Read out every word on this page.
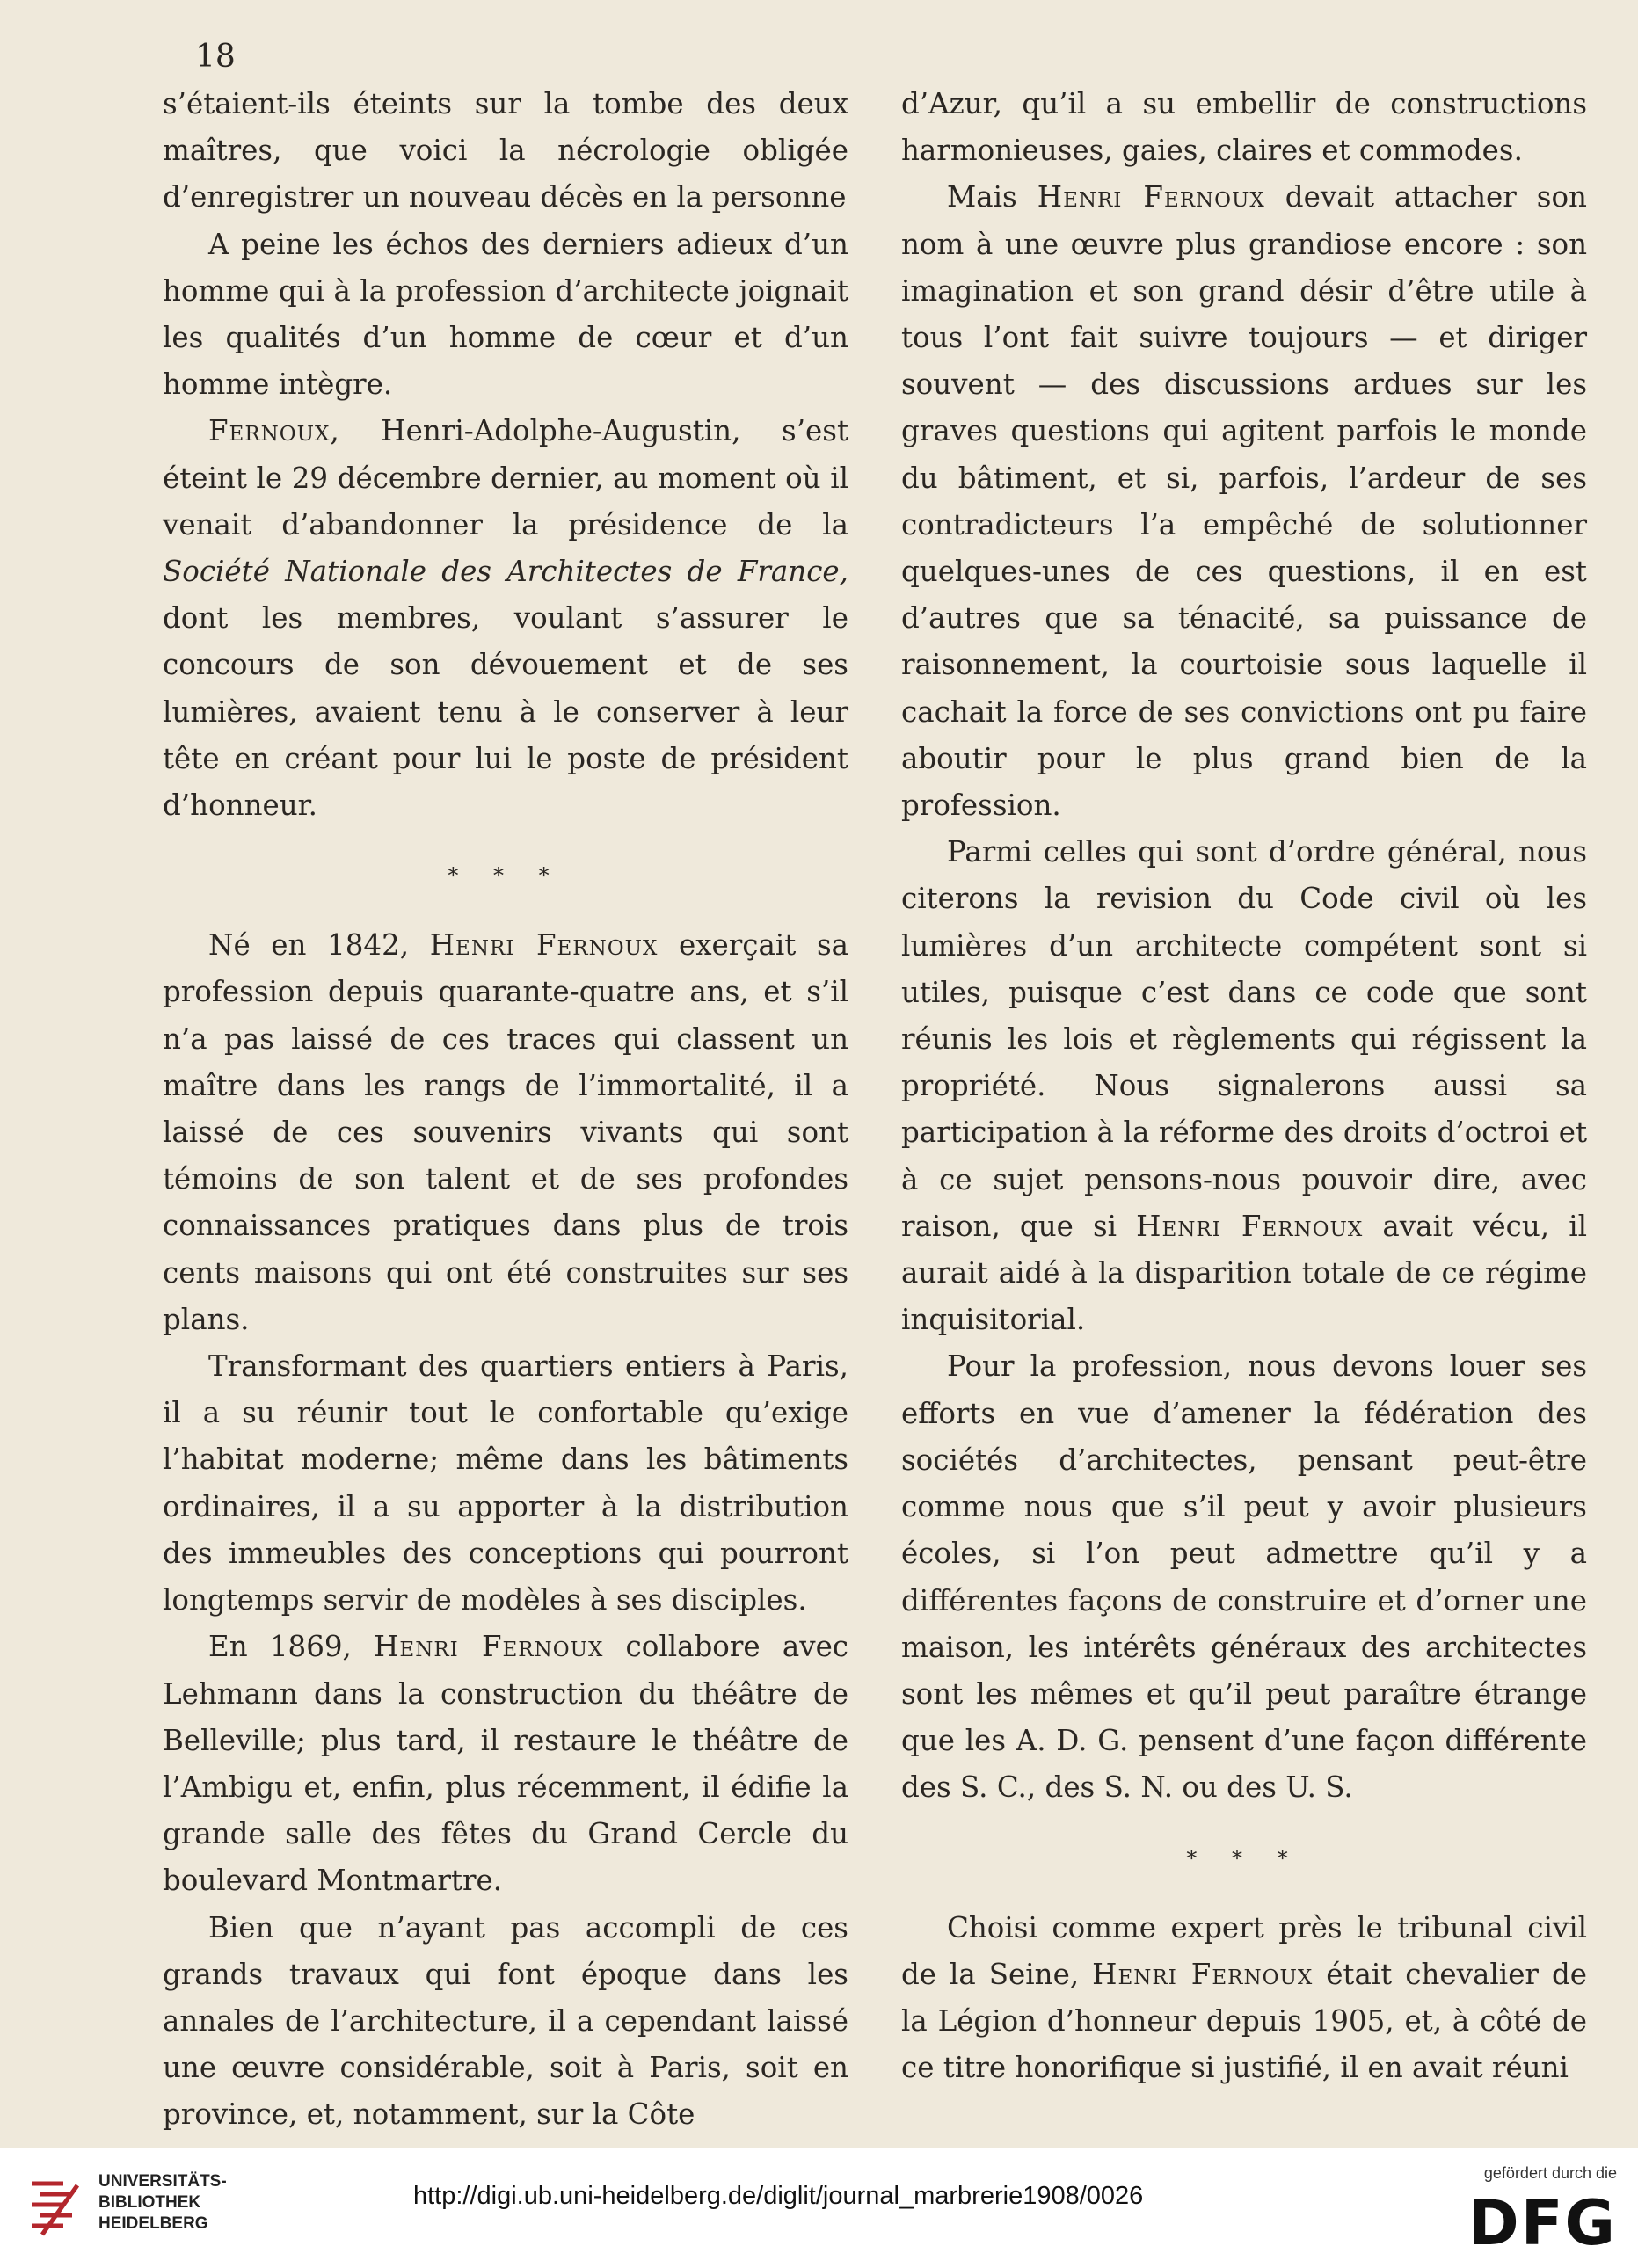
18

s’étaient-ils éteints sur la tombe des deux maîtres, que voici la nécrologie obligée d’enregistrer un nouveau décès en la personne

A peine les échos des derniers adieux d’un homme qui à la profession d’architecte joignait les qualités d’un homme de cœur et d’un homme intègre.

Fernoux, Henri-Adolphe-Augustin, s’est éteint le 29 décembre dernier, au moment où il venait d’abandonner la présidence de la Société Nationale des Architectes de France, dont les membres, voulant s’assurer le concours de son dévouement et de ses lumières, avaient tenu à le conserver à leur tête en créant pour lui le poste de président d’honneur.

* * *

Né en 1842, Henri Fernoux exerçait sa profession depuis quarante-quatre ans, et s’il n’a pas laissé de ces traces qui classent un maître dans les rangs de l’immortalité, il a laissé de ces souvenirs vivants qui sont témoins de son talent et de ses profondes connaissances pratiques dans plus de trois cents maisons qui ont été construites sur ses plans.

Transformant des quartiers entiers à Paris, il a su réunir tout le confortable qu’exige l’habitat moderne; même dans les bâtiments ordinaires, il a su apporter à la distribution des immeubles des conceptions qui pourront longtemps servir de modèles à ses disciples.

En 1869, Henri Fernoux collabore avec Lehmann dans la construction du théâtre de Belleville; plus tard, il restaure le théâtre de l’Ambigu et, enfin, plus récemment, il édifie la grande salle des fêtes du Grand Cercle du boulevard Montmartre.

Bien que n’ayant pas accompli de ces grands travaux qui font époque dans les annales de l’architecture, il a cependant laissé une œuvre considérable, soit à Paris, soit en province, et, notamment, sur la Côte

d’Azur, qu’il a su embellir de constructions harmonieuses, gaies, claires et commodes.

Mais Henri Fernoux devait attacher son nom à une œuvre plus grandiose encore : son imagination et son grand désir d’être utile à tous l’ont fait suivre toujours — et diriger souvent — des discussions ardues sur les graves questions qui agitent parfois le monde du bâtiment, et si, parfois, l’ardeur de ses contradicteurs l’a empêché de solutionner quelques-unes de ces questions, il en est d’autres que sa ténacité, sa puissance de raisonnement, la courtoisie sous laquelle il cachait la force de ses convictions ont pu faire aboutir pour le plus grand bien de la profession.

Parmi celles qui sont d’ordre général, nous citerons la revision du Code civil où les lumières d’un architecte compétent sont si utiles, puisque c’est dans ce code que sont réunis les lois et règlements qui régissent la propriété. Nous signalerons aussi sa participation à la réforme des droits d’octroi et à ce sujet pensons-nous pouvoir dire, avec raison, que si Henri Fernoux avait vécu, il aurait aidé à la disparition totale de ce régime inquisitorial.

Pour la profession, nous devons louer ses efforts en vue d’amener la fédération des sociétés d’architectes, pensant peut-être comme nous que s’il peut y avoir plusieurs écoles, si l’on peut admettre qu’il y a différentes façons de construire et d’orner une maison, les intérêts généraux des architectes sont les mêmes et qu’il peut paraître étrange que les A. D. G. pensent d’une façon différente des S. C., des S. N. ou des U. S.

* * *

Choisi comme expert près le tribunal civil de la Seine, Henri Fernoux était chevalier de la Légion d’honneur depuis 1905, et, à côté de ce titre honorifique si justifié, il en avait réuni

UNIVERSITÄTS-
BIBLIOTHEK
HEIDELBERG
http://digi.ub.uni-heidelberg.de/diglit/journal_marbrerie1908/0026
gefördert durch die
DFG
